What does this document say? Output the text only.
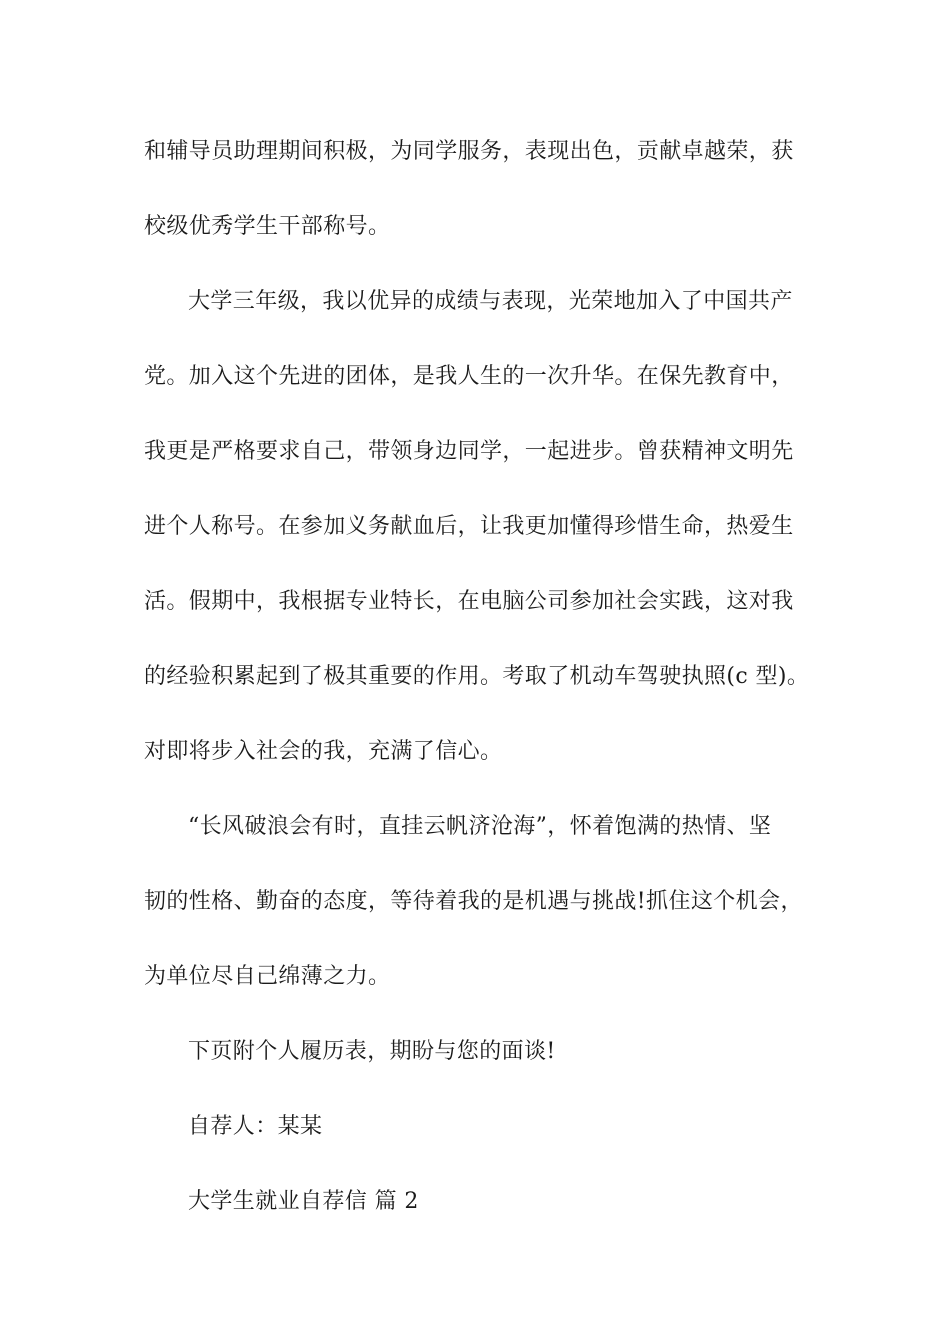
和辅导员助理期间积极，为同学服务，表现出色，贡献卓越荣，获

校级优秀学生干部称号。

大学三年级，我以优异的成绩与表现，光荣地加入了中国共产

党。加入这个先进的团体，是我人生的一次升华。在保先教育中，

我更是严格要求自己，带领身边同学，一起进步。曾获精神文明先

进个人称号。在参加义务献血后，让我更加懂得珍惜生命，热爱生

活。假期中，我根据专业特长，在电脑公司参加社会实践，这对我

的经验积累起到了极其重要的作用。考取了机动车驾驶执照(c 型)。

对即将步入社会的我，充满了信心。

“长风破浪会有时，直挂云帆济沧海”，怀着饱满的热情、坚

韧的性格、勤奋的态度，等待着我的是机遇与挑战!抓住这个机会，

为单位尽自己绵薄之力。

下页附个人履历表，期盼与您的面谈!

自荐人：某某

大学生就业自荐信 篇 2
